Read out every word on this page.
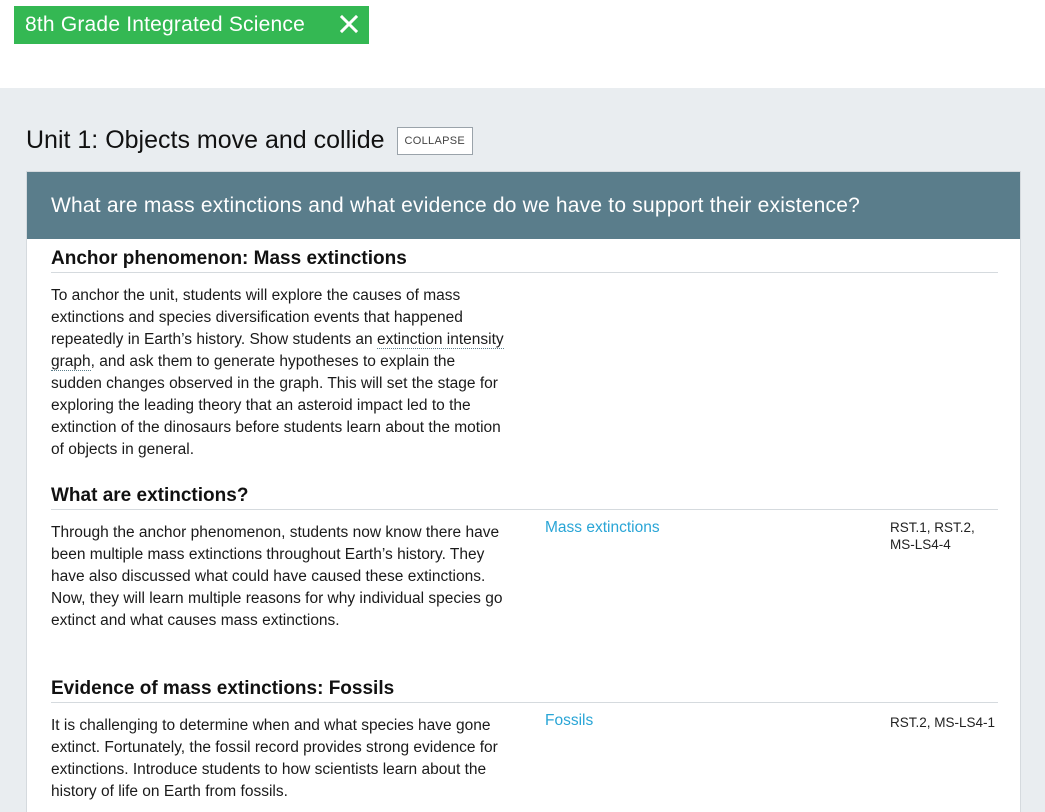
8th Grade Integrated Science
Unit 1: Objects move and collide	COLLAPSE
What are mass extinctions and what evidence do we have to support their existence?
Anchor phenomenon: Mass extinctions

To anchor the unit, students will explore the causes of mass extinctions and species diversification events that happened repeatedly in Earth’s history. Show students an extinction intensity graph, and ask them to generate hypotheses to explain the sudden changes observed in the graph. This will set the stage for exploring the leading theory that an asteroid impact led to the extinction of the dinosaurs before students learn about the motion of objects in general.

What are extinctions?

Through the anchor phenomenon, students now know there have been multiple mass extinctions throughout Earth’s history. They have also discussed what could have caused these extinctions. Now, they will learn multiple reasons for why individual species go extinct and what causes mass extinctions.

Mass extinctions	RST.1, RST.2, MS-LS4-4
Evidence of mass extinctions: Fossils

It is challenging to determine when and what species have gone extinct. Fortunately, the fossil record provides strong evidence for extinctions. Introduce students to how scientists learn about the history of life on Earth from fossils.

Fossils	RST.2, MS-LS4-1
